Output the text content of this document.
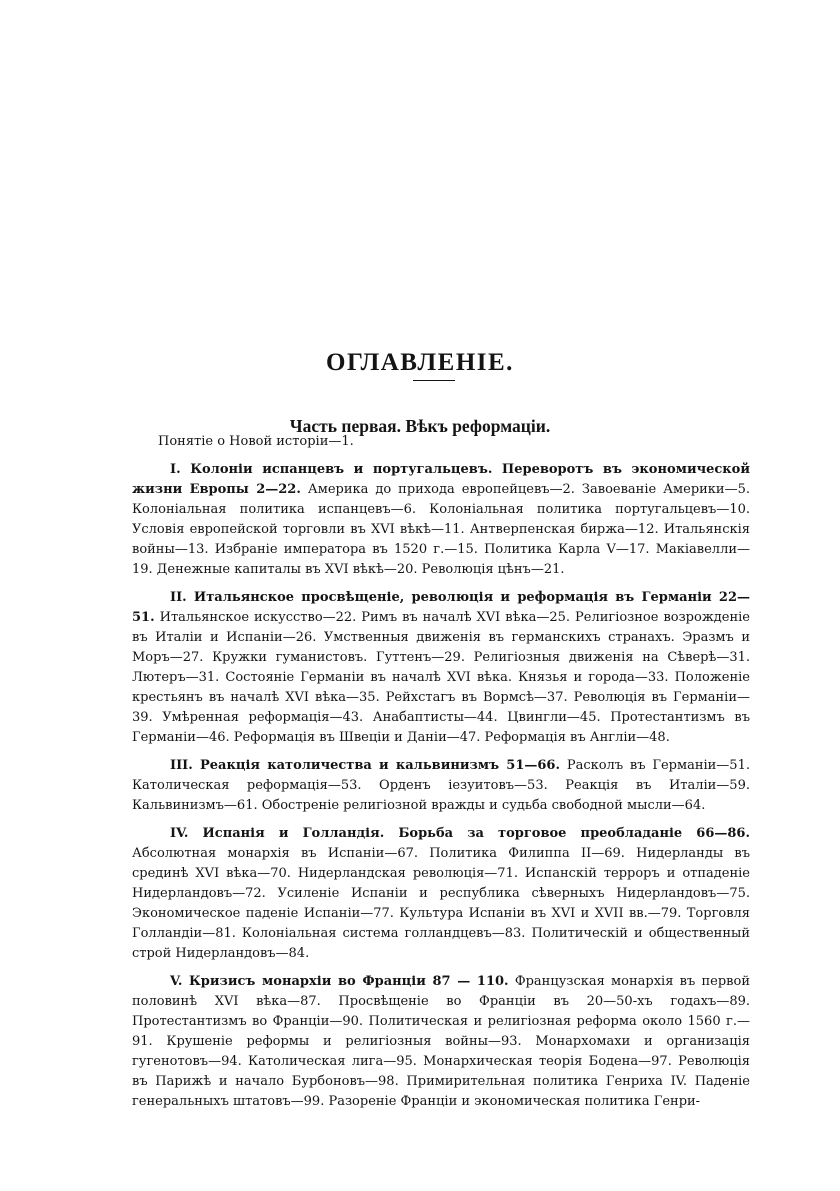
ОГЛАВЛЕНІЕ.
Часть первая. Вѣкъ реформаціи.

Понятіе о Новой исторіи—1.

I. Колоніи испанцевъ и португальцевъ. Переворотъ въ экономической жизни Европы 2—22. Америка до прихода европейцевъ—2. Завоеваніе Америки—5. Колоніальная политика испанцевъ—6. Колоніальная политика португальцевъ—10. Условія европейской торговли въ XVI вѣкѣ—11. Антверпенская биржа—12. Итальянскія войны—13. Избраніе императора въ 1520 г.—15. Политика Карла V—17. Макіавелли—19. Денежные капиталы въ XVI вѣкѣ—20. Революція цѣнъ—21.

II. Итальянское просвѣщеніе, революція и реформація въ Германіи 22—51. Итальянское искусство—22. Римъ въ началѣ XVI вѣка—25. Религіозное возрожденіе въ Италіи и Испаніи—26. Умственныя движенія въ германскихъ странахъ. Эразмъ и Моръ—27. Кружки гуманистовъ. Гуттенъ—29. Религіозныя движенія на Сѣверѣ—31. Лютеръ—31. Состояніе Германіи въ началѣ XVI вѣка. Князья и города—33. Положеніе крестьянъ въ началѣ XVI вѣка—35. Рейхстагъ въ Вормсѣ—37. Революція въ Германіи—39. Умѣренная реформація—43. Анабаптисты—44. Цвингли—45. Протестантизмъ въ Германіи—46. Реформація въ Швеціи и Даніи—47. Реформація въ Англіи—48.

III. Реакція католичества и кальвинизмъ 51—66. Расколъ въ Германіи—51. Католическая реформація—53. Орденъ іезуитовъ—53. Реакція въ Италіи—59. Кальвинизмъ—61. Обостреніе религіозной вражды и судьба свободной мысли—64.

IV. Испанія и Голландія. Борьба за торговое преобладаніе 66—86. Абсолютная монархія въ Испаніи—67. Политика Филиппа II—69. Нидерланды въ срединѣ XVI вѣка—70. Нидерландская революція—71. Испанскій терроръ и отпаденіе Нидерландовъ—72. Усиленіе Испаніи и республика сѣверныхъ Нидерландовъ—75. Экономическое паденіе Испаніи—77. Культура Испаніи въ XVI и XVII вв.—79. Торговля Голландіи—81. Колоніальная система голландцевъ—83. Политическій и общественный строй Нидерландовъ—84.

V. Кризисъ монархіи во Франціи 87 — 110. Французская монархія въ первой половинѣ XVI вѣка—87. Просвѣщеніе во Франціи въ 20—50-хъ годахъ—89. Протестантизмъ во Франціи—90. Политическая и религіозная реформа около 1560 г.—91. Крушеніе реформы и религіозныя войны—93. Монархомахи и организація гугенотовъ—94. Католическая лига—95. Монархическая теорія Бодена—97. Революція въ Парижѣ и начало Бурбоновъ—98. Примирительная политика Генриха IV. Паденіе генеральныхъ штатовъ—99. Разореніе Франціи и экономическая политика Генри-
